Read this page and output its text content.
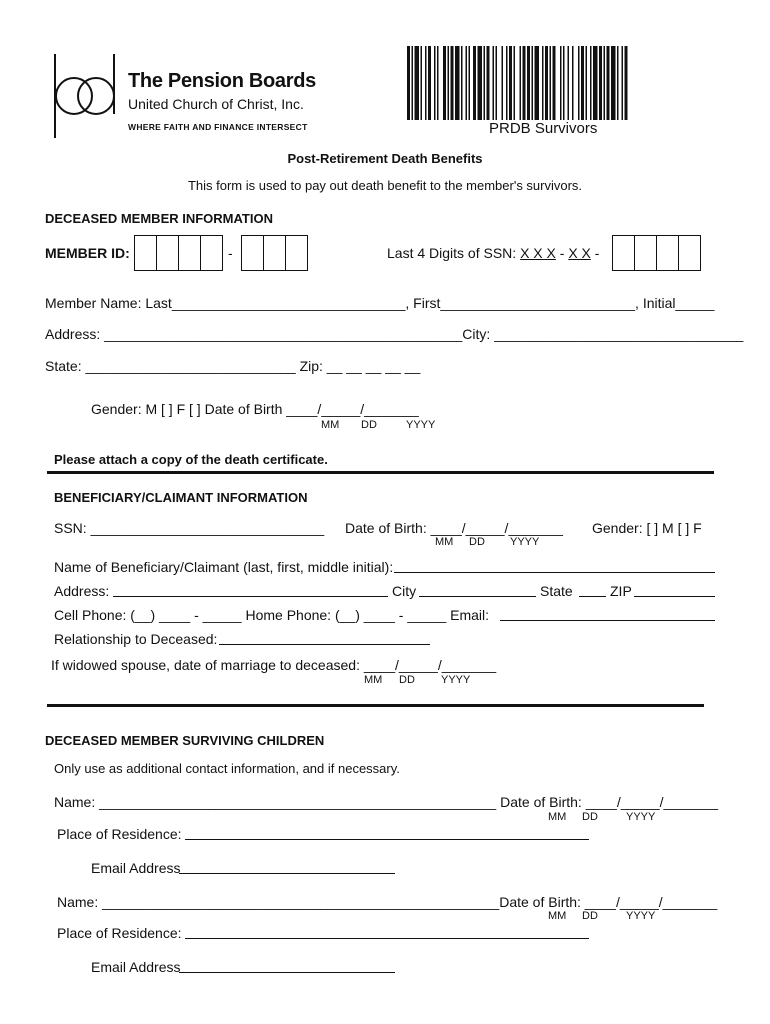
The Pension Boards
United Church of Christ, Inc.
WHERE FAITH AND FINANCE INTERSECT	PRDB Survivors
Post-Retirement Death Benefits
This form is used to pay out death benefit to the member's survivors.
DECEASED MEMBER INFORMATION
MEMBER ID:	-	Last 4 Digits of SSN: X X X - X X -
Member Name: Last______________________________, First_________________________, Initial_____
Address: ______________________________________________City: ________________________________
State: ___________________________ Zip: __ __ __ __ __
Gender: M [ ] F [ ] Date of Birth ____/_____/_______
MM DD	YYYY
Please attach a copy of the death certificate.
BENEFICIARY/CLAIMANT INFORMATION
SSN: ______________________________ Date of Birth: ____/_____/_______ Gender: [ ] M [ ] F
MM DD YYYY
Name of Beneficiary/Claimant (last, first, middle initial):
Address:	City	State	ZIP
Cell Phone: (__) ____ - _____ Home Phone: (__) ____ - _____ Email:
Relationship to Deceased:
If widowed spouse, date of marriage to deceased: ____/_____/_______
MM DD YYYY
DECEASED MEMBER SURVIVING CHILDREN
Only use as additional contact information, and if necessary.
Name: ___________________________________________________ Date of Birth: ____/_____/_______
MM DD	YYYY
Place of Residence:
Email Address
Name: ___________________________________________________Date of Birth: ____/_____/_______
MM DD	YYYY
Place of Residence:
Email Address
